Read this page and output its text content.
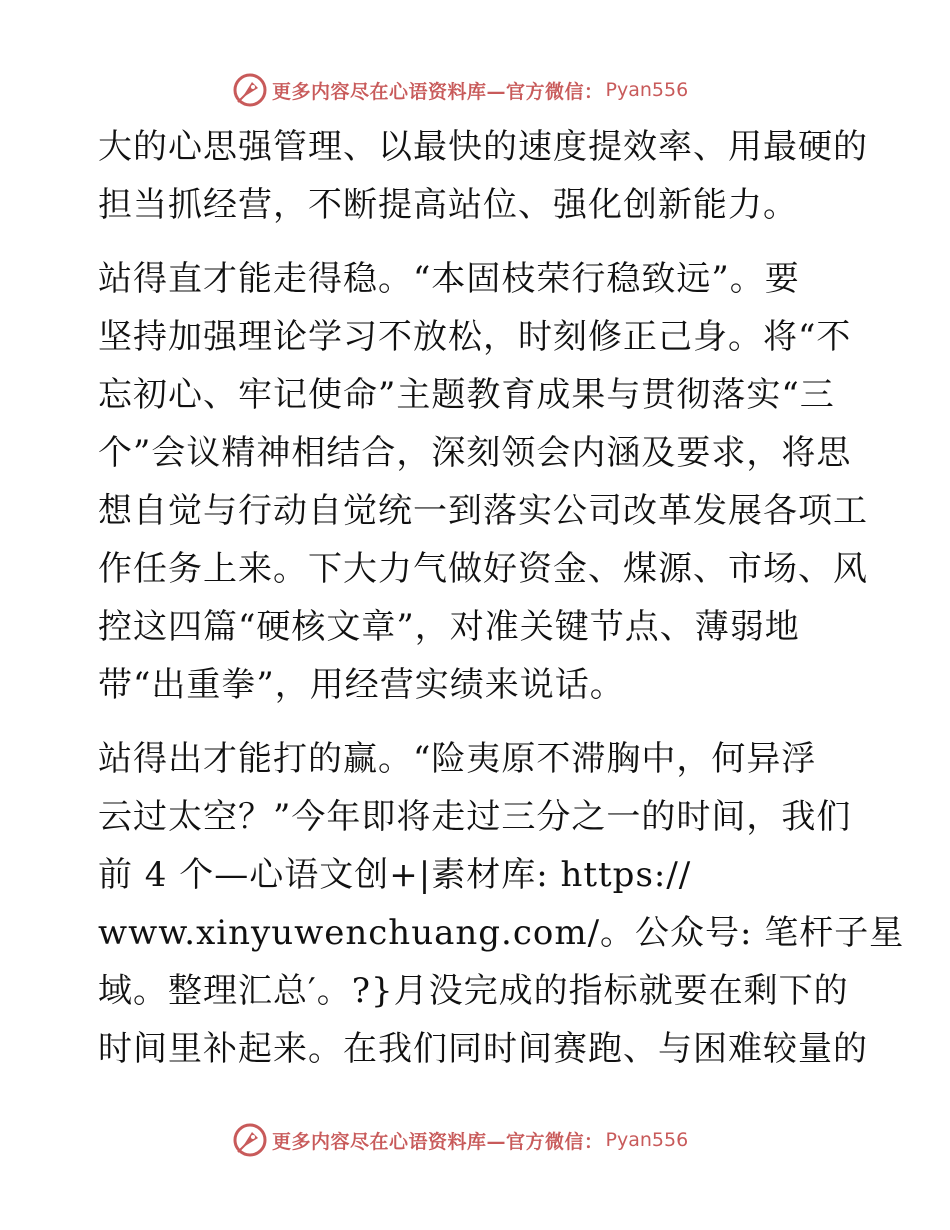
更多内容尽在心语资料库—官方微信： Pyan556
大的心思强管理、以最快的速度提效率、用最硬的
担当抓经营，不断提高站位、强化创新能力。
站得直才能走得稳。“本固枝荣行稳致远”。要
坚持加强理论学习不放松，时刻修正己身。将“不
忘初心、牢记使命”主题教育成果与贯彻落实“三
个”会议精神相结合，深刻领会内涵及要求，将思
想自觉与行动自觉统一到落实公司改革发展各项工
作任务上来。下大力气做好资金、煤源、市场、风
控这四篇“硬核文章”，对准关键节点、薄弱地
带“出重拳”，用经营实绩来说话。
站得出才能打的赢。“险夷原不滞胸中，何异浮
云过太空？”今年即将走过三分之一的时间，我们
前 4 个—心语文创+|素材库: https://
www.xinyuwenchuang.com/。公众号: 笔杆子星
域。整理汇总′。?}月没完成的指标就要在剩下的
时间里补起来。在我们同时间赛跑、与困难较量的
更多内容尽在心语资料库—官方微信： Pyan556
